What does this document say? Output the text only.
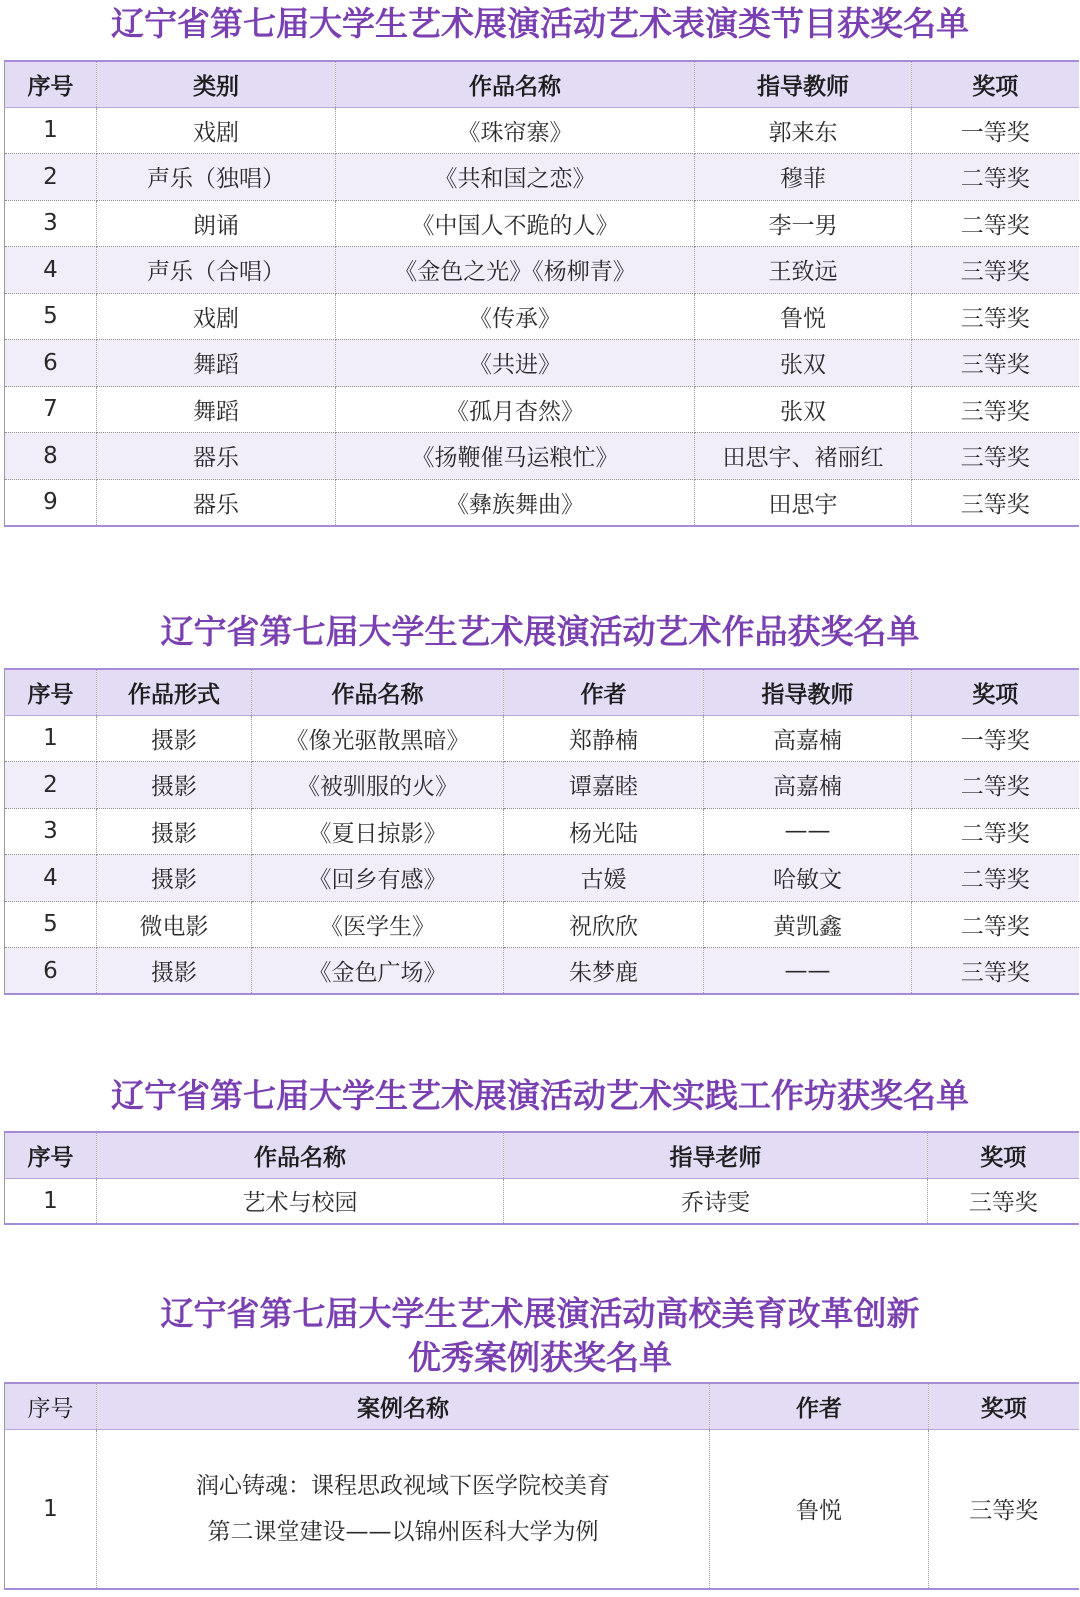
辽宁省第七届大学生艺术展演活动艺术表演类节目获奖名单
序号	类别	作品名称	指导教师	奖项
1	戏剧	《珠帘寨》	郭来东	一等奖
2	声乐（独唱）	《共和国之恋》	穆菲	二等奖
3	朗诵	《中国人不跪的人》	李一男	二等奖
4	声乐（合唱）	《金色之光》《杨柳青》	王致远	三等奖
5	戏剧	《传承》	鲁悦	三等奖
6	舞蹈	《共进》	张双	三等奖
7	舞蹈	《孤月杳然》	张双	三等奖
8	器乐	《扬鞭催马运粮忙》	田思宇、褚丽红	三等奖
9	器乐	《彝族舞曲》	田思宇	三等奖
辽宁省第七届大学生艺术展演活动艺术作品获奖名单
序号	作品形式	作品名称	作者	指导教师	奖项
1	摄影	《像光驱散黑暗》	郑静楠	高嘉楠	一等奖
2	摄影	《被驯服的火》	谭嘉睦	高嘉楠	二等奖
3	摄影	《夏日掠影》	杨光陆	——	二等奖
4	摄影	《回乡有感》	古媛	哈敏文	二等奖
5	微电影	《医学生》	祝欣欣	黄凯鑫	二等奖
6	摄影	《金色广场》	朱梦鹿	——	三等奖
辽宁省第七届大学生艺术展演活动艺术实践工作坊获奖名单
序号	作品名称	指导老师	奖项
1	艺术与校园	乔诗雯	三等奖
辽宁省第七届大学生艺术展演活动高校美育改革创新
优秀案例获奖名单
序号	案例名称	作者	奖项
1	润心铸魂：课程思政视域下医学院校美育
第二课堂建设——以锦州医科大学为例	鲁悦	三等奖
